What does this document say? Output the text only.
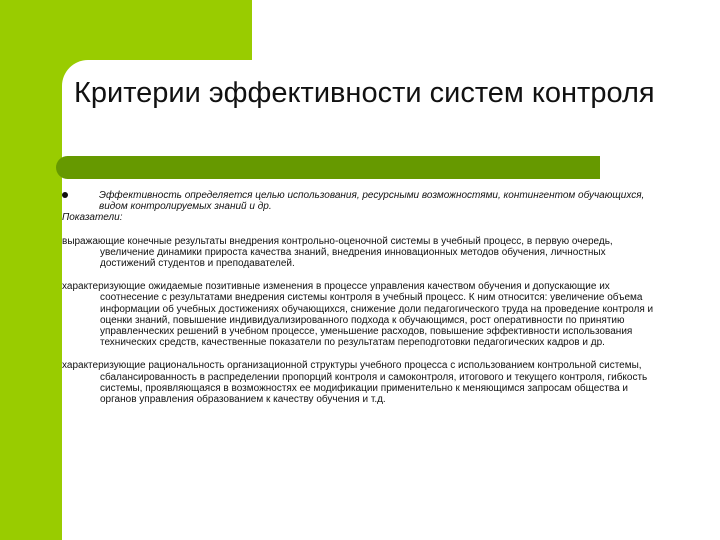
Критерии эффективности систем контроля
Эффективность определяется целью использования, ресурсными возможностями, контингентом обучающихся, видом контролируемых знаний и др.
Показатели:
выражающие конечные результаты внедрения контрольно-оценочной системы в учебный процесс, в первую очередь, увеличение динамики прироста качества знаний, внедрения инновационных методов обучения, личностных достижений студентов и преподавателей.
характеризующие ожидаемые позитивные изменения в процессе управления качеством обучения и допускающие их соотнесение с результатами внедрения системы контроля в учебный процесс. К ним относится: увеличение объема информации об учебных достижениях обучающихся, снижение доли педагогического труда на проведение контроля и оценки знаний, повышение индивидуализированного подхода к обучающимся, рост оперативности по принятию управленческих решений в учебном процессе, уменьшение расходов, повышение эффективности использования технических средств, качественные показатели по результатам переподготовки педагогических кадров и др.
характеризующие рациональность организационной структуры учебного процесса с использованием контрольной системы, сбалансированность в распределении пропорций контроля и самоконтроля, итогового и текущего контроля, гибкость системы, проявляющаяся в возможностях ее модификации применительно к меняющимся запросам общества и органов управления образованием к качеству обучения и т.д.
